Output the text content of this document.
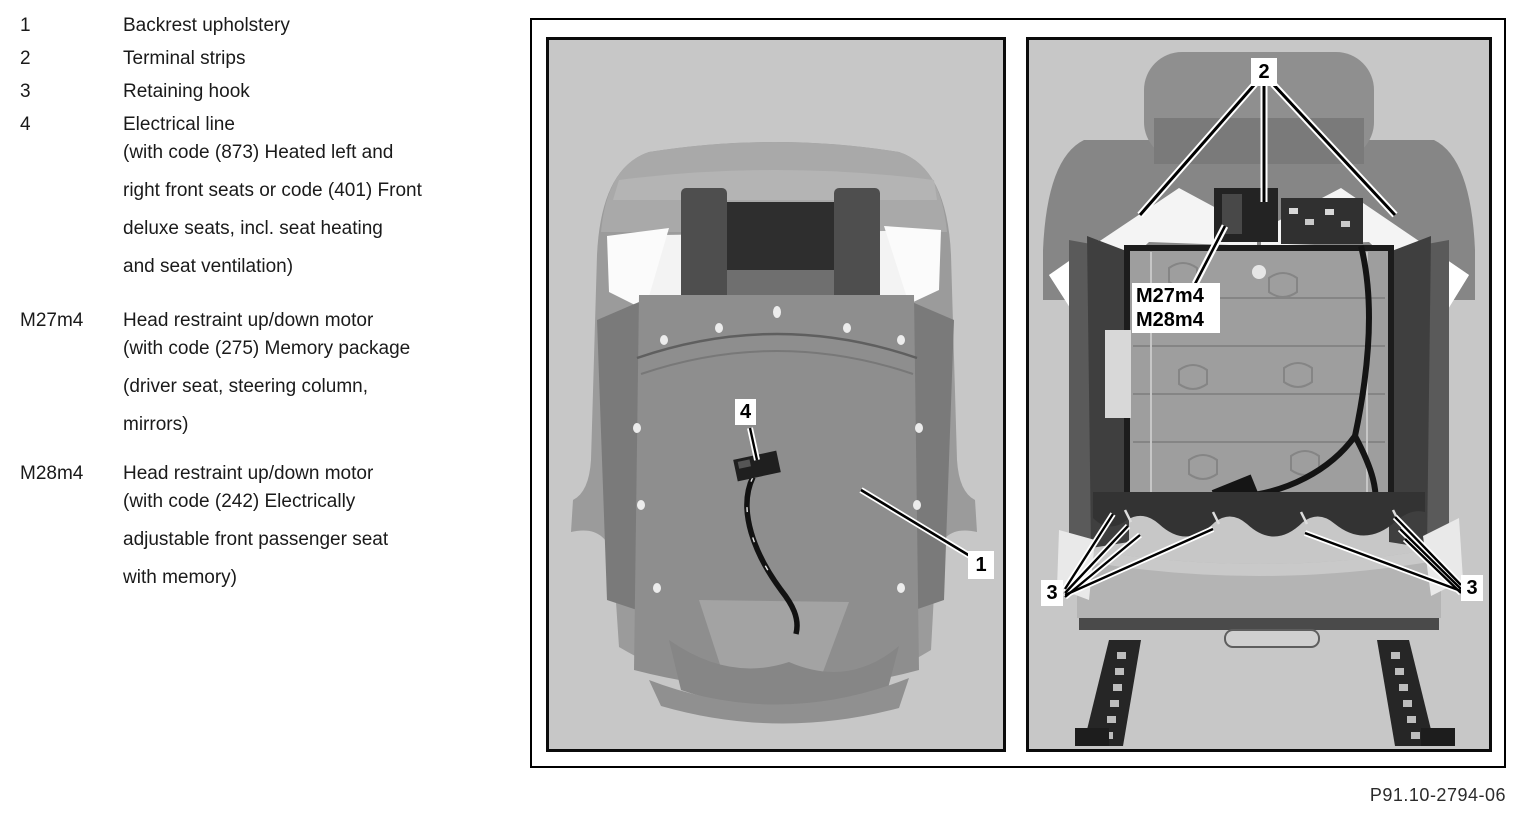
1	Backrest upholstery
2	Terminal strips
3	Retaining hook
4	Electrical line
(with code (873) Heated left and
right front seats or code (401) Front
deluxe seats, incl. seat heating
and seat ventilation)
M27m4 Head restraint up/down motor
(with code (275) Memory package
(driver seat, steering column,
mirrors)
M28m4 Head restraint up/down motor
(with code (242) Electrically
adjustable front passenger seat
with memory)
4
1
2
M27m4
M28m4
3	3
P91.10-2794-06
